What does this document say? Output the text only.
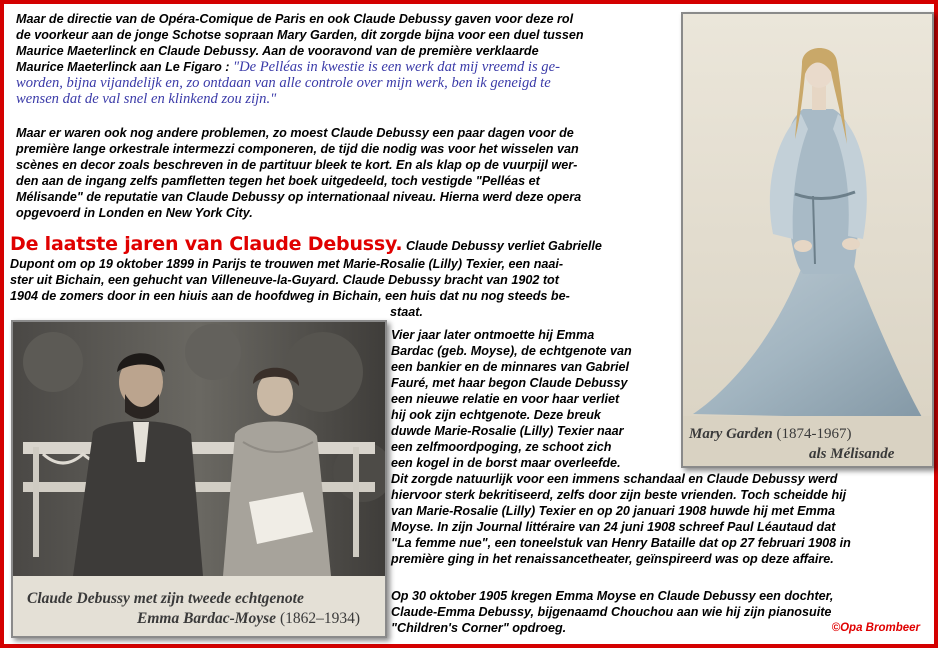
Maar de directie van de Opéra-Comique de Paris en ook Claude Debussy gaven voor deze rol
de voorkeur aan de jonge Schotse sopraan Mary Garden, dit zorgde bijna voor een duel tussen
Maurice Maeterlinck en Claude Debussy. Aan de vooravond van de première verklaarde
Maurice Maeterlinck aan Le Figaro : "De Pelléas in kwestie is een werk dat mij vreemd is ge-
worden, bijna vijandelijk en, zo ontdaan van alle controle over mijn werk, ben ik geneigd te
wensen dat de val snel en klinkend zou zijn."

Maar er waren ook nog andere problemen, zo moest Claude Debussy een paar dagen voor de
première lange orkestrale intermezzi componeren, de tijd die nodig was voor het wisselen van
scènes en decor zoals beschreven in de partituur bleek te kort. En als klap op de vuurpijl wer-
den aan de ingang zelfs pamfletten tegen het boek uitgedeeld, toch vestigde "Pelléas et
Mélisande" de reputatie van Claude Debussy op internationaal niveau. Hierna werd deze opera
opgevoerd in Londen en New York City.

De laatste jaren van Claude Debussy. Claude Debussy verliet Gabrielle

Dupont om op 19 oktober 1899 in Parijs te trouwen met Marie-Rosalie (Lilly) Texier, een naai-
ster uit Bichain, een gehucht van Villeneuve-la-Guyard. Claude Debussy bracht van 1902 tot
1904 de zomers door in een hiuis aan de hoofdweg in Bichain, een huis dat nu nog steeds be-
staat.

Vier jaar later ontmoette hij Emma
Bardac (geb. Moyse), de echtgenote van
een bankier en de minnares van Gabriel
Fauré, met haar begon Claude Debussy
een nieuwe relatie en voor haar verliet
hij ook zijn echtgenote. Deze breuk
duwde Marie-Rosalie (Lilly) Texier naar
een zelfmoordpoging, ze schoot zich
een kogel in de borst maar overleefde.

Dit zorgde natuurlijk voor een immens schandaal en Claude Debussy werd
hiervoor sterk bekritiseerd, zelfs door zijn beste vrienden. Toch scheidde hij
van Marie-Rosalie (Lilly) Texier en op 20 januari 1908 huwde hij met Emma
Moyse. In zijn Journal littéraire van 24 juni 1908 schreef Paul Léautaud dat
"La femme nue", een toneelstuk van Henry Bataille dat op 27 februari 1908 in
première ging in het renaissancetheater, geïnspireerd was op deze affaire.

Op 30 oktober 1905 kregen Emma Moyse en Claude Debussy een dochter,
Claude-Emma Debussy, bijgenaamd Chouchou aan wie hij zijn pianosuite
"Children's Corner" opdroeg.

Mary Garden (1874-1967)
als Mélisande
Claude Debussy met zijn tweede echtgenote
Emma Bardac-Moyse (1862–1934)
©Opa Brombeer
